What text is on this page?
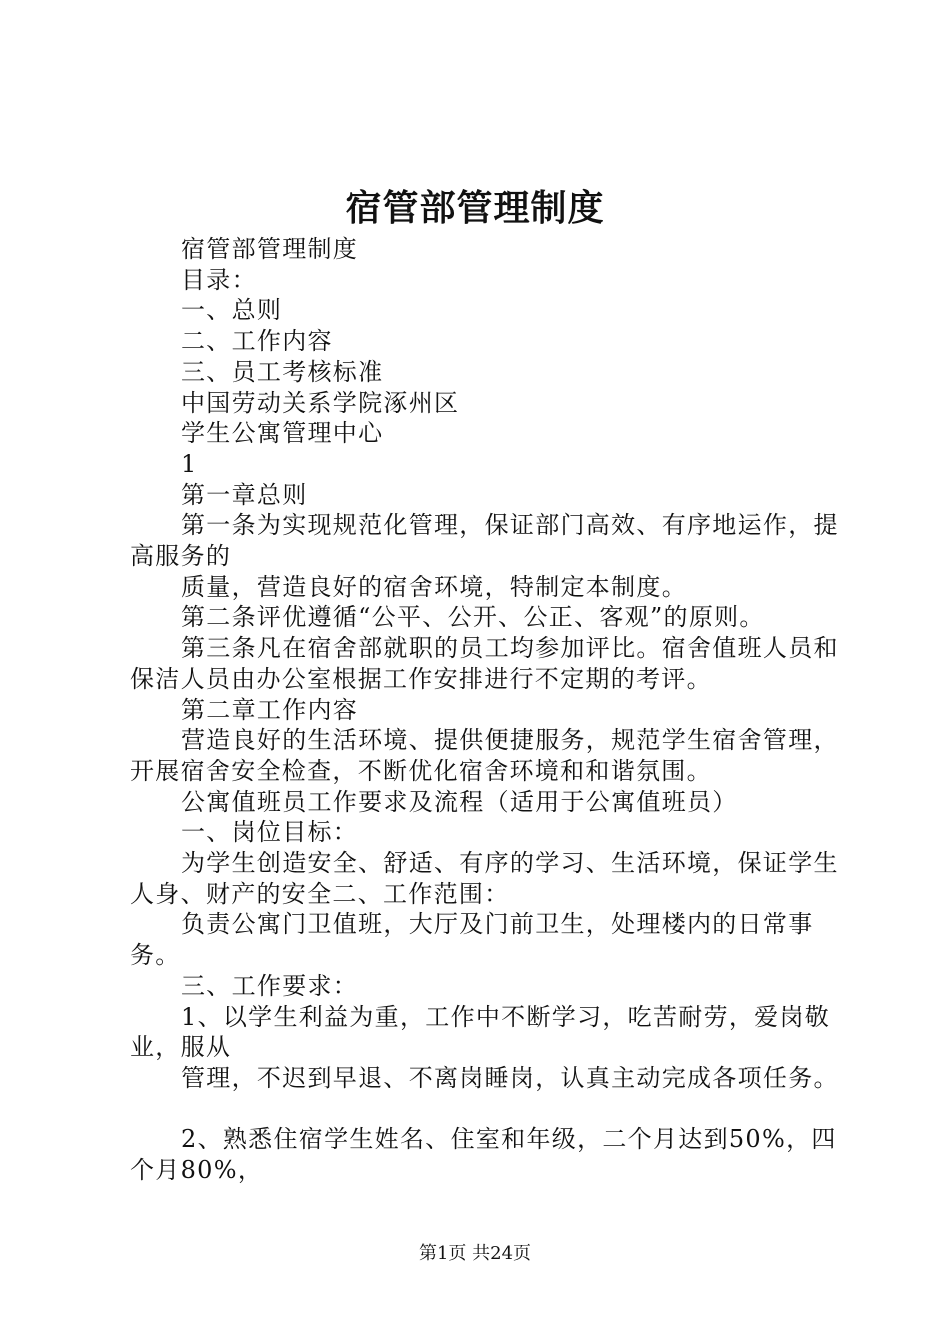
宿管部管理制度

宿管部管理制度

目录：

一、总则

二、工作内容

三、员工考核标准

中国劳动关系学院涿州区

学生公寓管理中心

1

第一章总则

第一条为实现规范化管理，保证部门高效、有序地运作，提高服务的

质量，营造良好的宿舍环境，特制定本制度。

第二条评优遵循“公平、公开、公正、客观”的原则。

第三条凡在宿舍部就职的员工均参加评比。宿舍值班人员和保洁人员由办公室根据工作安排进行不定期的考评。

第二章工作内容

营造良好的生活环境、提供便捷服务，规范学生宿舍管理，开展宿舍安全检查，不断优化宿舍环境和和谐氛围。

公寓值班员工作要求及流程（适用于公寓值班员）

一、岗位目标：

为学生创造安全、舒适、有序的学习、生活环境，保证学生人身、财产的安全二、工作范围：

负责公寓门卫值班，大厅及门前卫生，处理楼内的日常事务。

三、工作要求：

1、以学生利益为重，工作中不断学习，吃苦耐劳，爱岗敬业，服从

管理，不迟到早退、不离岗睡岗，认真主动完成各项任务。

2、熟悉住宿学生姓名、住室和年级，二个月达到50%，四个月80%，

第1页 共24页
